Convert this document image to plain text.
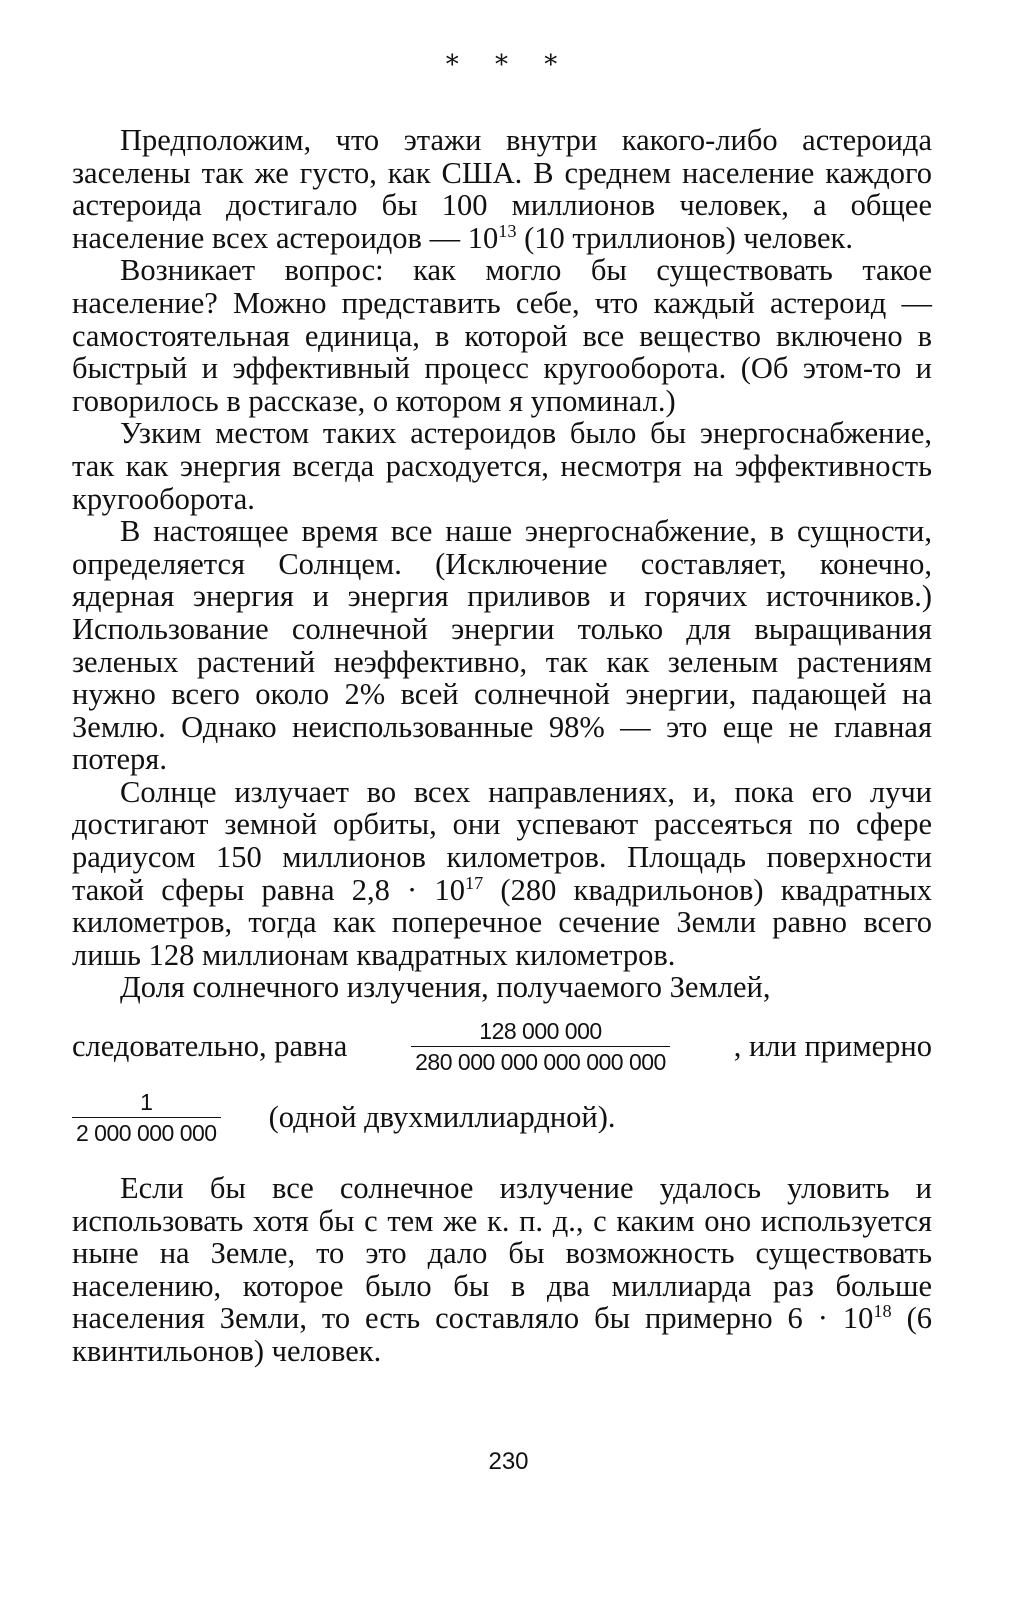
* * *

Предположим, что этажи внутри какого-либо астероида заселены так же густо, как США. В среднем население каждого астероида достигало бы 100 миллионов человек, а общее население всех астероидов — $10^{13}$ (10 триллионов) человек.

Возникает вопрос: как могло бы существовать такое население? Можно представить себе, что каждый астероид — самостоятельная единица, в которой все вещество включено в быстрый и эффективный процесс кругооборота. (Об этом-то и говорилось в рассказе, о котором я упоминал.)

Узким местом таких астероидов было бы энергоснабжение, так как энергия всегда расходуется, несмотря на эффективность кругооборота.

В настоящее время все наше энергоснабжение, в сущности, определяется Солнцем. (Исключение составляет, конечно, ядерная энергия и энергия приливов и горячих источников.) Использование солнечной энергии только для выращивания зеленых растений неэффективно, так как зеленым растениям нужно всего около 2% всей солнечной энергии, падающей на Землю. Однако неиспользованные 98% — это еще не главная потеря.

Солнце излучает во всех направлениях, и, пока его лучи достигают земной орбиты, они успевают рассеяться по сфере радиусом 150 миллионов километров. Площадь поверхности такой сферы равна $2,8 \cdot 10^{17}$ (280 квадрильонов) квадратных километров, тогда как поперечное сечение Земли равно всего лишь 128 миллионам квадратных километров.

Доля солнечного излучения, получаемого Землей,

следовательно, равна	$\frac{128 000 000}{280 000 000 000 000 000}$ , или примерно
$\frac{1}{2 000 000 000}$ (одной двухмиллиардной).

Если бы все солнечное излучение удалось уловить и использовать хотя бы с тем же к. п. д., с каким оно используется ныне на Земле, то это дало бы возможность существовать населению, которое было бы в два миллиарда раз больше населения Земли, то есть составляло бы примерно $6 \cdot 10^{18}$ (6 квинтильонов) человек.

230
